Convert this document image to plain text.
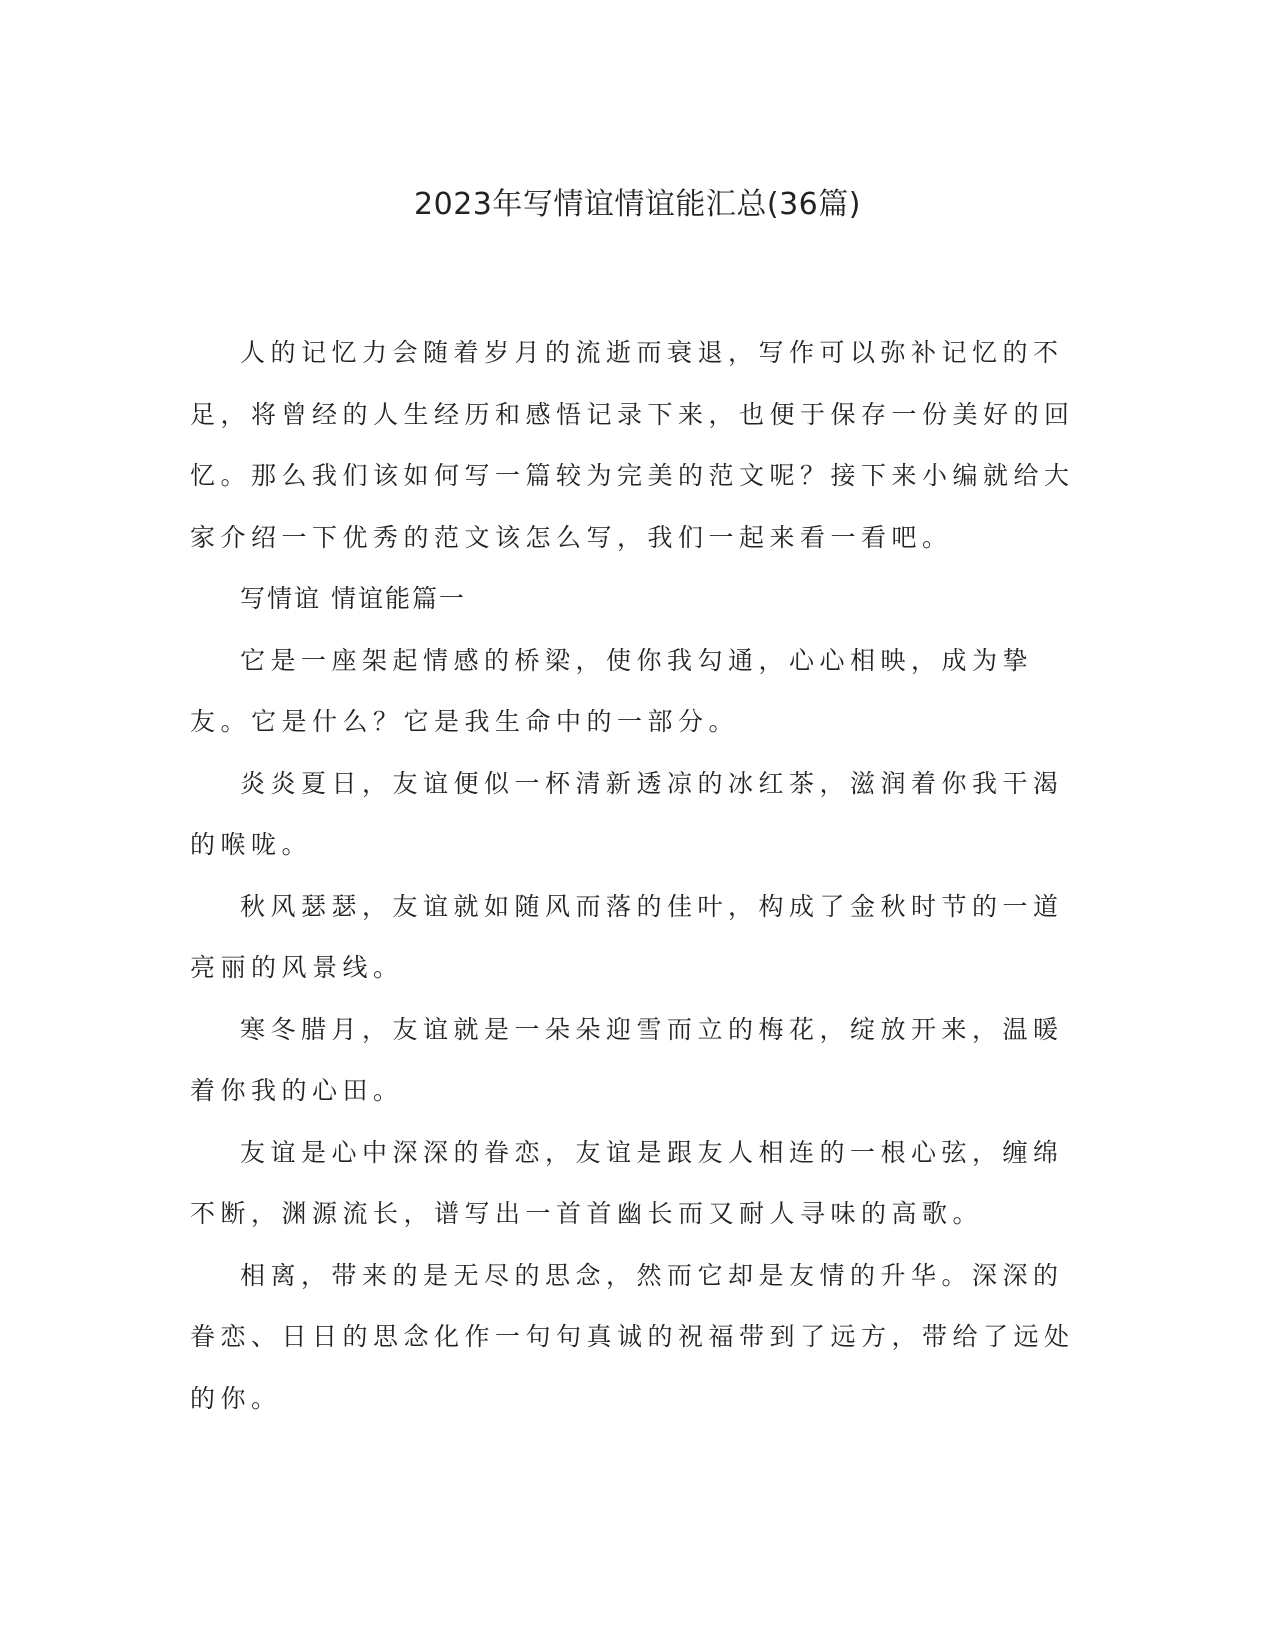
2023年写情谊情谊能汇总(36篇)

人的记忆力会随着岁月的流逝而衰退，写作可以弥补记忆的不足，将曾经的人生经历和感悟记录下来，也便于保存一份美好的回忆。那么我们该如何写一篇较为完美的范文呢？接下来小编就给大家介绍一下优秀的范文该怎么写，我们一起来看一看吧。

写情谊 情谊能篇一

它是一座架起情感的桥梁，使你我勾通，心心相映，成为挚友。它是什么？它是我生命中的一部分。

炎炎夏日，友谊便似一杯清新透凉的冰红茶，滋润着你我干渴的喉咙。

秋风瑟瑟，友谊就如随风而落的佳叶，构成了金秋时节的一道亮丽的风景线。

寒冬腊月，友谊就是一朵朵迎雪而立的梅花，绽放开来，温暖着你我的心田。

友谊是心中深深的眷恋，友谊是跟友人相连的一根心弦，缠绵不断，渊源流长，谱写出一首首幽长而又耐人寻味的高歌。

相离，带来的是无尽的思念，然而它却是友情的升华。深深的眷恋、日日的思念化作一句句真诚的祝福带到了远方，带给了远处的你。
